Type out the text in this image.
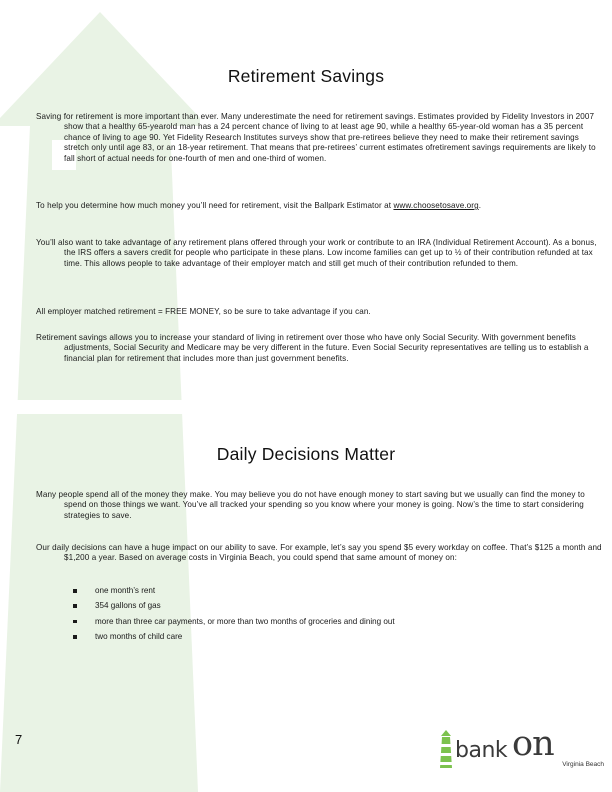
Retirement Savings

Saving for retirement is more important than ever. Many underestimate the need for retirement savings. Estimates provided by Fidelity Investors in 2007 show that a healthy 65-yearold man has a 24 percent chance of living to at least age 90, while a healthy 65-year-old woman has a 35 percent chance of living to age 90. Yet Fidelity Research Institutes surveys show that pre-retirees believe they need to make their retirement savings stretch only until age 83, or an 18-year retirement. That means that pre-retirees’ current estimates ofretirement savings requirements are likely to fall short of actual needs for one-fourth of men and one-third of women.

To help you determine how much money you’ll need for retirement, visit the Ballpark Estimator at www.choosetosave.org.

You’ll also want to take advantage of any retirement plans offered through your work or contribute to an IRA (Individual Retirement Account). As a bonus, the IRS offers a savers credit for people who participate in these plans. Low income families can get up to ½ of their contribution refunded at tax time. This allows people to take advantage of their employer match and still get much of their contribution refunded to them.

All employer matched retirement = FREE MONEY, so be sure to take advantage if you can.

Retirement savings allows you to increase your standard of living in retirement over those who have only Social Security. With government benefits adjustments, Social Security and Medicare may be very different in the future. Even Social Security representatives are telling us to establish a financial plan for retirement that includes more than just government benefits.

Daily Decisions Matter

Many people spend all of the money they make. You may believe you do not have enough money to start saving but we usually can find the money to spend on those things we want. You’ve all tracked your spending so you know where your money is going. Now’s the time to start considering strategies to save.

Our daily decisions can have a huge impact on our ability to save. For example, let’s say you spend $5 every workday on coffee. That’s $125 a month and $1,200 a year. Based on average costs in Virginia Beach, you could spend that same amount of money on:

one month’s rent
354 gallons of gas
more than three car payments, or more than two months of groceries and dining out
two months of child care
7	bank on
Virginia Beach
